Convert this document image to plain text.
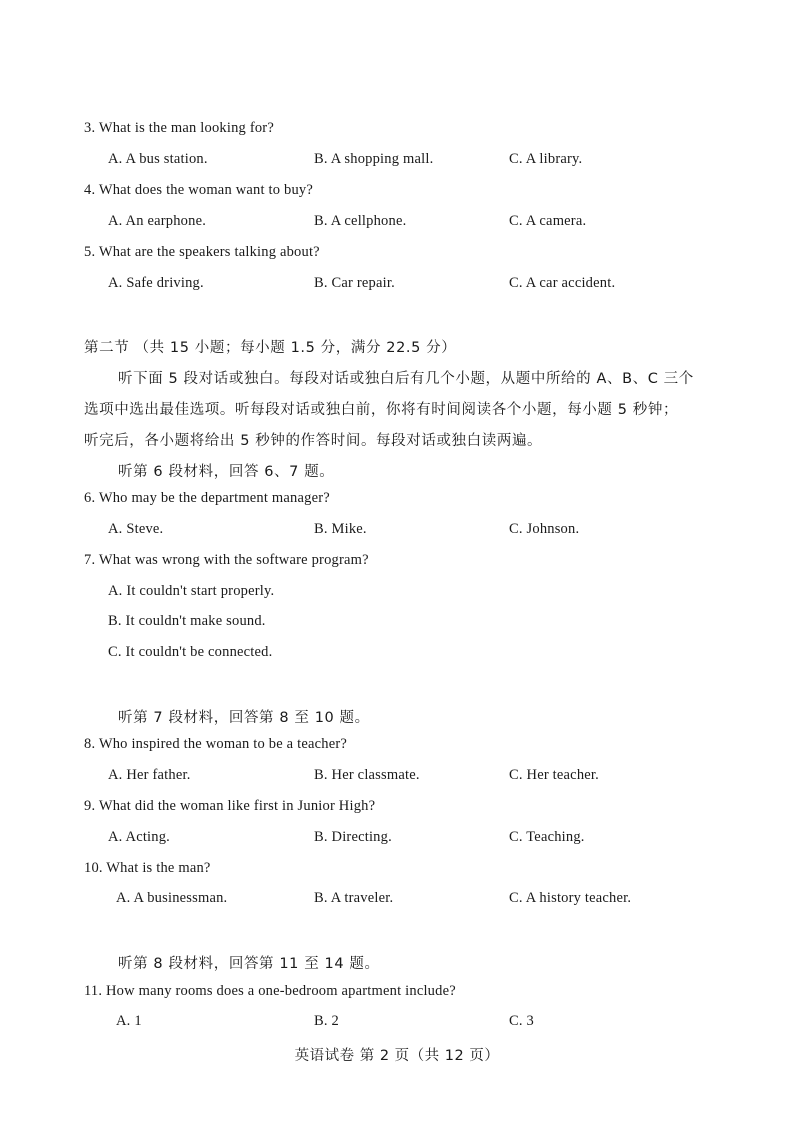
3. What is the man looking for?
A. A bus station.	B. A shopping mall.	C. A library.
4. What does the woman want to buy?
A. An earphone.	B. A cellphone.	C. A camera.
5. What are the speakers talking about?
A. Safe driving.	B. Car repair.	C. A car accident.
第二节 （共 15 小题；每小题 1.5 分，满分 22.5 分）
听下面 5 段对话或独白。每段对话或独白后有几个小题，从题中所给的 A、B、C 三个
选项中选出最佳选项。听每段对话或独白前，你将有时间阅读各个小题，每小题 5 秒钟；
听完后，各小题将给出 5 秒钟的作答时间。每段对话或独白读两遍。
听第 6 段材料，回答 6、7 题。
6. Who may be the department manager?
A. Steve.	B. Mike.	C. Johnson.
7. What was wrong with the software program?
A. It couldn't start properly.
B. It couldn't make sound.
C. It couldn't be connected.
听第 7 段材料，回答第 8 至 10 题。
8. Who inspired the woman to be a teacher?
A. Her father.	B. Her classmate.	C. Her teacher.
9. What did the woman like first in Junior High?
A. Acting.	B. Directing.	C. Teaching.
10. What is the man?
A. A businessman.	B. A traveler.	C. A history teacher.
听第 8 段材料，回答第 11 至 14 题。
11. How many rooms does a one-bedroom apartment include?
A. 1	B. 2	C. 3
英语试卷 第 2 页（共 12 页）
